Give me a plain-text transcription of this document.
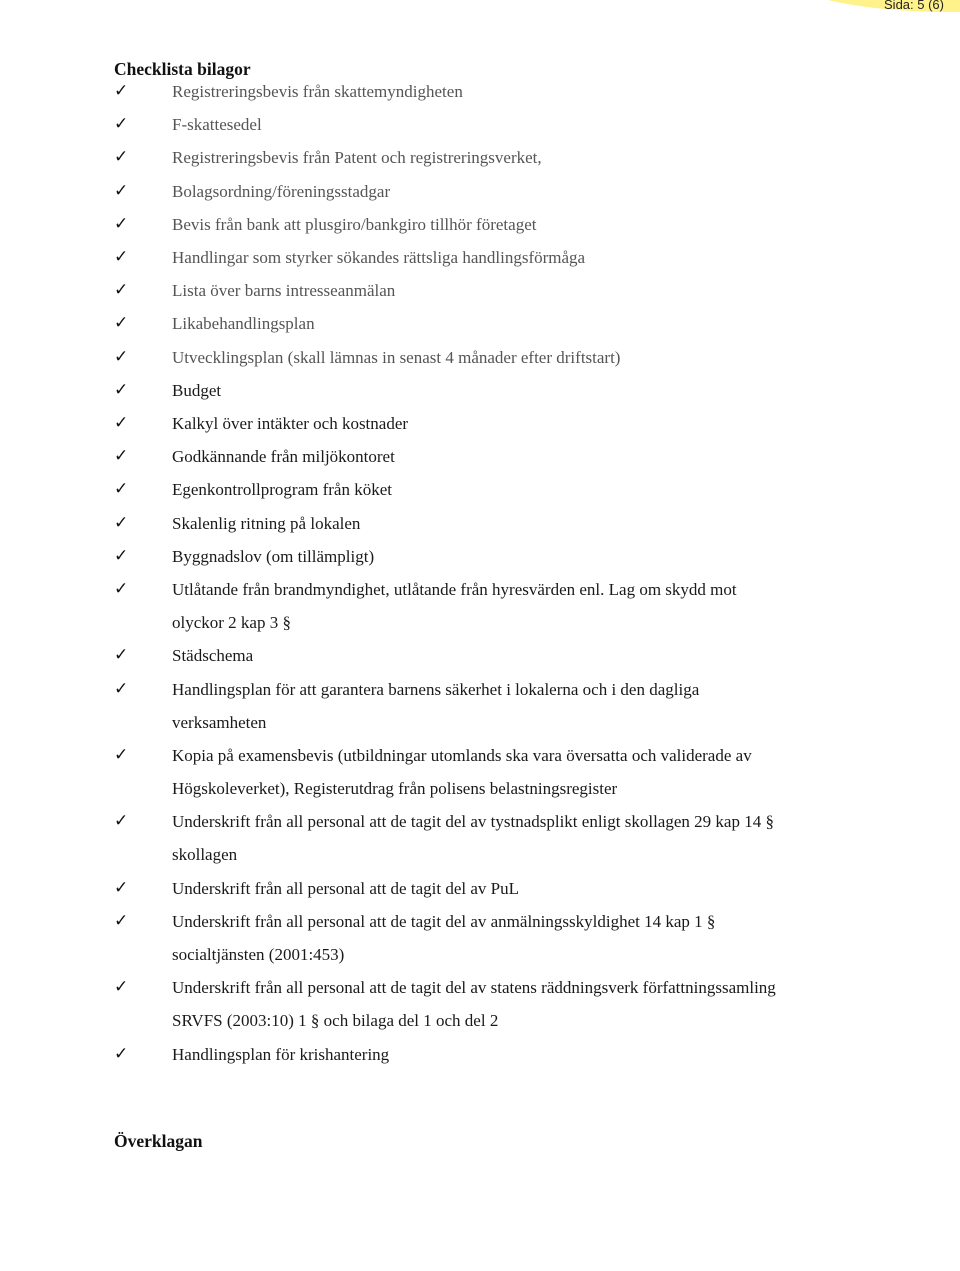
Sida: 5 (6)
Checklista bilagor
✓	Registreringsbevis från skattemyndigheten
✓	F-skattesedel
✓	Registreringsbevis från Patent och registreringsverket,
✓	Bolagsordning/föreningsstadgar
✓	Bevis från bank att plusgiro/bankgiro tillhör företaget
✓	Handlingar som styrker sökandes rättsliga handlingsförmåga
✓	Lista över barns intresseanmälan
✓	Likabehandlingsplan
✓	Utvecklingsplan (skall lämnas in senast 4 månader efter driftstart)
✓	Budget
✓	Kalkyl över intäkter och kostnader
✓	Godkännande från miljökontoret
✓	Egenkontrollprogram från köket
✓	Skalenlig ritning på lokalen
✓	Byggnadslov (om tillämpligt)
✓	Utlåtande från brandmyndighet, utlåtande från hyresvärden enl. Lag om skydd mot
olyckor 2 kap 3 §
✓	Städschema
✓	Handlingsplan för att garantera barnens säkerhet i lokalerna och i den dagliga
verksamheten
✓	Kopia på examensbevis (utbildningar utomlands ska vara översatta och validerade av
Högskoleverket), Registerutdrag från polisens belastningsregister
✓	Underskrift från all personal att de tagit del av tystnadsplikt enligt skollagen 29 kap 14 §
skollagen
✓	Underskrift från all personal att de tagit del av PuL
✓	Underskrift från all personal att de tagit del av anmälningsskyldighet 14 kap 1 §
socialtjänsten (2001:453)
✓	Underskrift från all personal att de tagit del av statens räddningsverk författningssamling
SRVFS (2003:10) 1 § och bilaga del 1 och del 2
✓	Handlingsplan för krishantering
Överklagan
